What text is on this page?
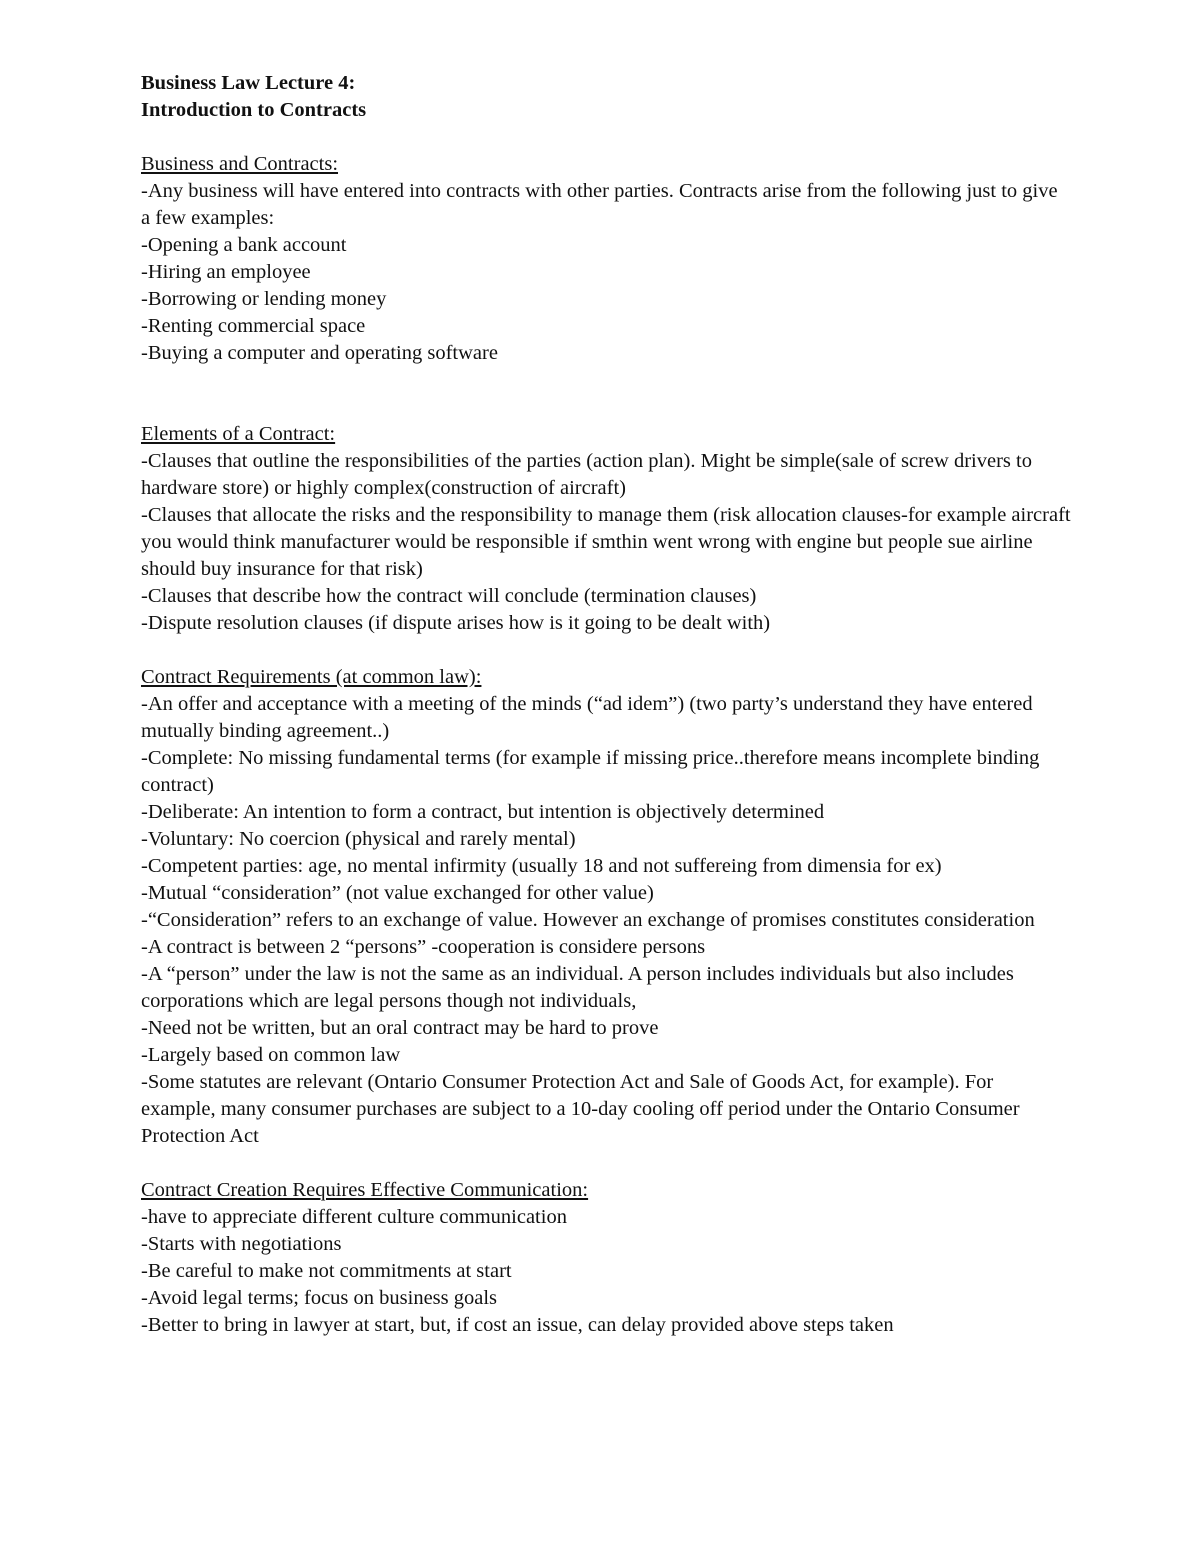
Business Law Lecture 4:

Introduction to Contracts

Business and Contracts:

-Any business will have entered into contracts with other parties. Contracts arise from the following just to give a few examples:

-Opening a bank account

-Hiring an employee

-Borrowing or lending money

-Renting commercial space

-Buying a computer and operating software

Elements of a Contract:

-Clauses that outline the responsibilities of the parties (action plan). Might be simple(sale of screw drivers to hardware store) or highly complex(construction of aircraft)

-Clauses that allocate the risks and the responsibility to manage them (risk allocation clauses-for example aircraft you would think manufacturer would be responsible if smthin went wrong with engine but people sue airline should buy insurance for that risk)

-Clauses that describe how the contract will conclude (termination clauses)

-Dispute resolution clauses (if dispute arises how is it going to be dealt with)

Contract Requirements (at common law):

-An offer and acceptance with a meeting of the minds (“ad idem”) (two party’s understand they have entered mutually binding agreement..)

-Complete: No missing fundamental terms (for example if missing price..therefore means incomplete binding contract)

-Deliberate: An intention to form a contract, but intention is objectively determined

-Voluntary: No coercion (physical and rarely mental)

-Competent parties: age, no mental infirmity (usually 18 and not suffereing from dimensia for ex)

-Mutual “consideration” (not value exchanged for other value)

-“Consideration” refers to an exchange of value. However an exchange of promises constitutes consideration

-A contract is between 2 “persons” -cooperation is considere persons

-A “person” under the law is not the same as an individual. A person includes individuals but also includes corporations which are legal persons though not individuals,

-Need not be written, but an oral contract may be hard to prove

-Largely based on common law

-Some statutes are relevant (Ontario Consumer Protection Act and Sale of Goods Act, for example). For example, many consumer purchases are subject to a 10-day cooling off period under the Ontario Consumer Protection Act

Contract Creation Requires Effective Communication:

-have to appreciate different culture communication

-Starts with negotiations

-Be careful to make not commitments at start

-Avoid legal terms; focus on business goals

-Better to bring in lawyer at start, but, if cost an issue, can delay provided above steps taken
